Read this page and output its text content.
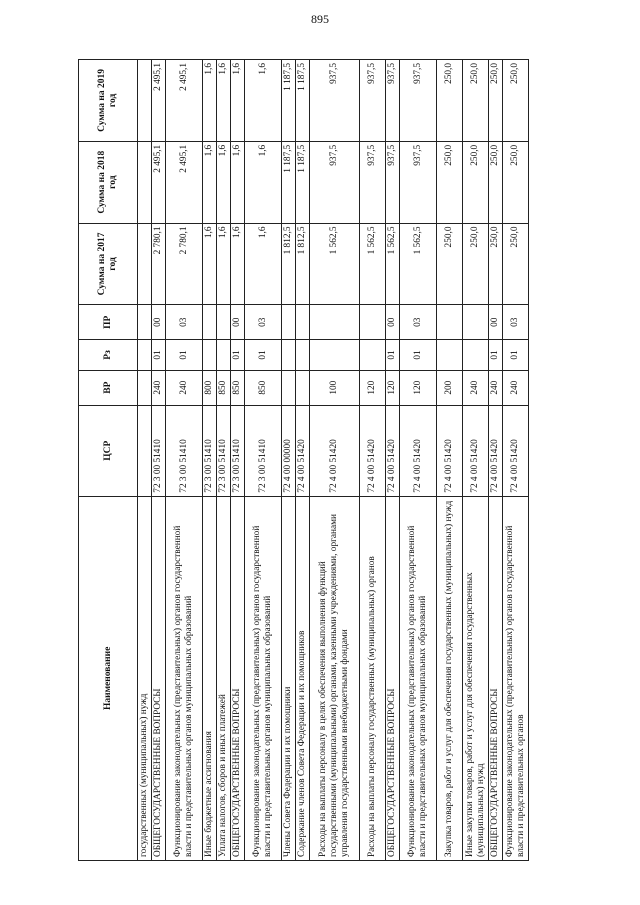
895
Наименование	ЦСР	ВР	Рз	ПР	Сумма на 2017 год	Сумма на 2018 год	Сумма на 2019 год
государственных (муниципальных) нужд							
ОБЩЕГОСУДАРСТВЕННЫЕ ВОПРОСЫ	72 3 00 51410	240	01	00	2 780,1	2 495,1	2 495,1
Функционирование законодательных (представительных) органов государственной власти и представительных органов муниципальных образований	72 3 00 51410	240	01	03	2 780,1	2 495,1	2 495,1
Иные бюджетные ассигнования	72 3 00 51410	800			1,6	1,6	1,6
Уплата налогов, сборов и иных платежей	72 3 00 51410	850			1,6	1,6	1,6
ОБЩЕГОСУДАРСТВЕННЫЕ ВОПРОСЫ	72 3 00 51410	850	01	00	1,6	1,6	1,6
Функционирование законодательных (представительных) органов государственной власти и представительных органов муниципальных образований	72 3 00 51410	850	01	03	1,6	1,6	1,6
Члены Совета Федерации и их помощники	72 4 00 00000				1 812,5	1 187,5	1 187,5
Содержание членов Совета Федерации и их помощников	72 4 00 51420				1 812,5	1 187,5	1 187,5
Расходы на выплаты персоналу в целях обеспечения выполнения функций государственными (муниципальными) органами, казенными учреждениями, органами управления государственными внебюджетными фондами	72 4 00 51420	100			1 562,5	937,5	937,5
Расходы на выплаты персоналу государственных (муниципальных) органов	72 4 00 51420	120			1 562,5	937,5	937,5
ОБЩЕГОСУДАРСТВЕННЫЕ ВОПРОСЫ	72 4 00 51420	120	01	00	1 562,5	937,5	937,5
Функционирование законодательных (представительных) органов государственной власти и представительных органов муниципальных образований	72 4 00 51420	120	01	03	1 562,5	937,5	937,5
Закупка товаров, работ и услуг для обеспечения государственных (муниципальных) нужд	72 4 00 51420	200			250,0	250,0	250,0
Иные закупки товаров, работ и услуг для обеспечения государственных (муниципальных) нужд	72 4 00 51420	240			250,0	250,0	250,0
ОБЩЕГОСУДАРСТВЕННЫЕ ВОПРОСЫ	72 4 00 51420	240	01	00	250,0	250,0	250,0
Функционирование законодательных (представительных) органов государственной власти и представительных органов	72 4 00 51420	240	01	03	250,0	250,0	250,0
